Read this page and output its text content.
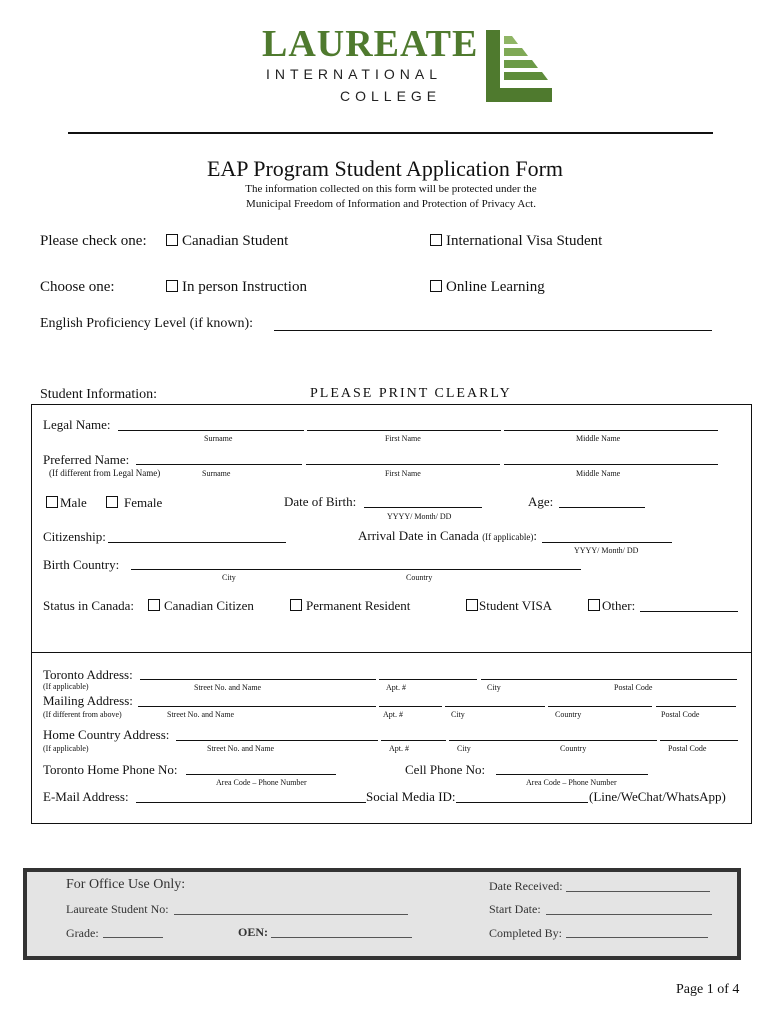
LAUREATE
INTERNATIONAL
COLLEGE
EAP Program Student Application Form
The information collected on this form will be protected under the
Municipal Freedom of Information and Protection of Privacy Act.
Please check one:	Canadian Student	International Visa Student
Choose one:	In person Instruction	Online Learning
English Proficiency Level (if known):
Student Information:	PLEASE PRINT CLEARLY
Legal Name:
Surname	First Name	Middle Name
Preferred Name:
(If different from Legal Name)	Surname	First Name	Middle Name
Male	Female	Date of Birth:
YYYY/ Month/ DD
Age:
Citizenship:	Arrival Date in Canada (If applicable):
YYYY/ Month/ DD
Birth Country:
City	Country
Status in Canada:	Canadian Citizen	Permanent Resident	Student VISA	Other:
Toronto Address:
(If applicable)	Street No. and Name	Apt. #	City	Postal Code
Mailing Address:
(If different from above)	Street No. and Name	Apt. #	City	Country	Postal Code
Home Country Address:
(If applicable)	Street No. and Name	Apt. #	City	Country	Postal Code
Toronto Home Phone No:
Area Code – Phone Number
Cell Phone No:
Area Code – Phone Number
E-Mail Address:	Social Media ID:	(Line/WeChat/WhatsApp)
For Office Use Only:	Date Received:
Laureate Student No:	Start Date:
Grade:	OEN:	Completed By:
Page 1 of 4
